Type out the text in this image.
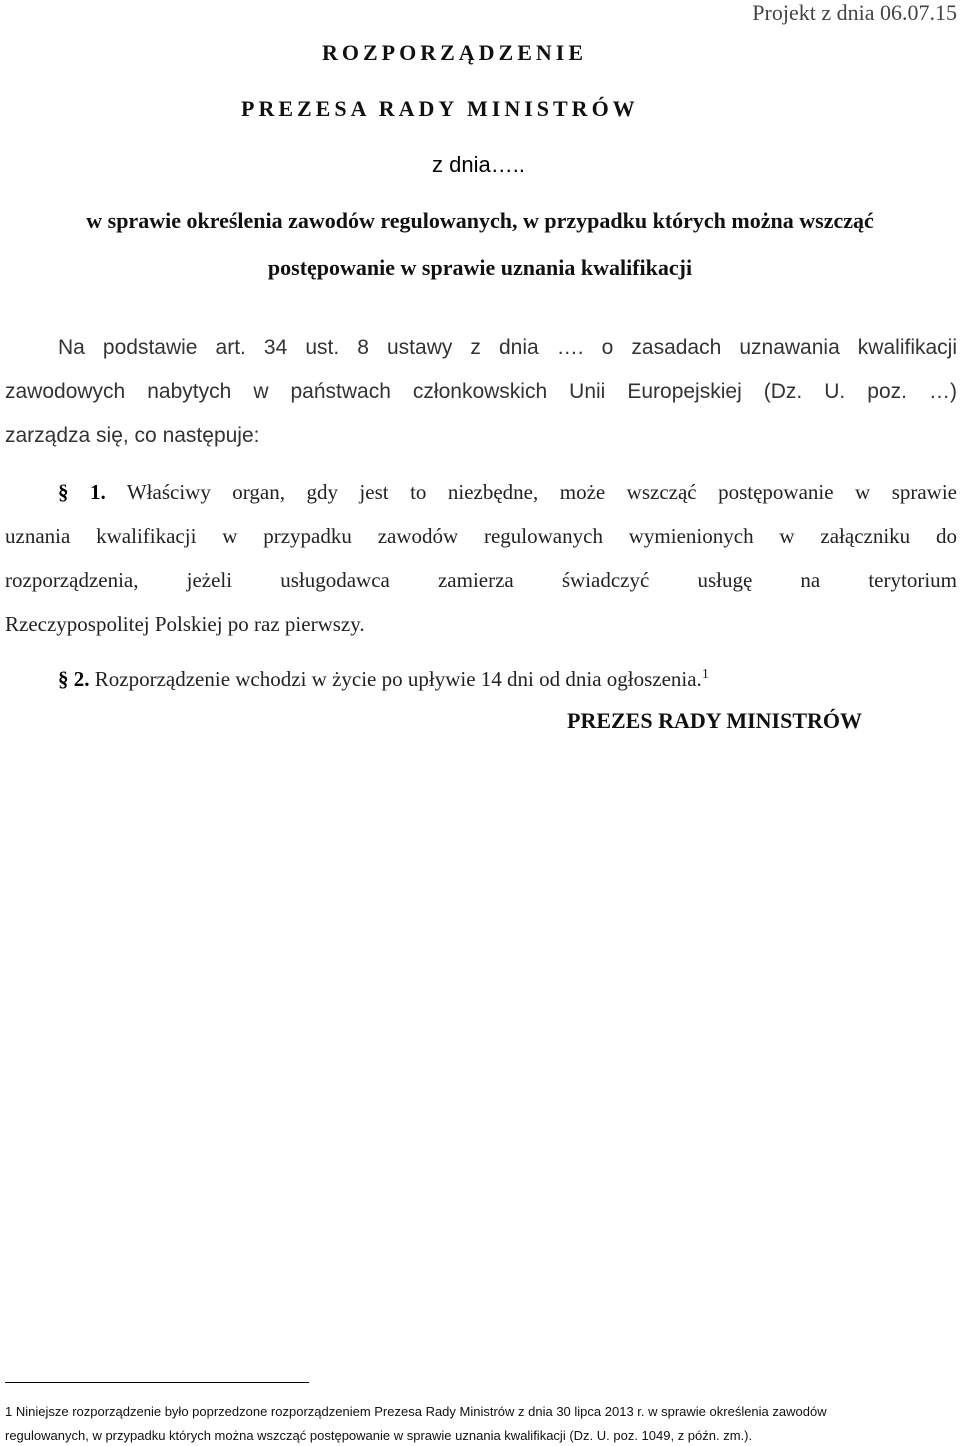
Projekt z dnia 06.07.15
ROZPORZĄDZENIE
PREZESA RADY MINISTRÓW
z dnia…..
w sprawie określenia zawodów regulowanych, w przypadku których można wszcząć
postępowanie w sprawie uznania kwalifikacji
Na podstawie art. 34 ust. 8 ustawy z dnia …. o zasadach uznawania kwalifikacji
zawodowych nabytych w państwach członkowskich Unii Europejskiej (Dz. U. poz. …)
zarządza się, co następuje:
§ 1. Właściwy organ, gdy jest to niezbędne, może wszcząć postępowanie w sprawie
uznania kwalifikacji w przypadku zawodów regulowanych wymienionych w załączniku do
rozporządzenia, jeżeli usługodawca zamierza świadczyć usługę na terytorium
Rzeczypospolitej Polskiej po raz pierwszy.
§ 2. Rozporządzenie wchodzi w życie po upływie 14 dni od dnia ogłoszenia.$^1$
PREZES RADY MINISTRÓW
1 Niniejsze rozporządzenie było poprzedzone rozporządzeniem Prezesa Rady Ministrów z dnia 30 lipca 2013 r. w sprawie określenia zawodów
regulowanych, w przypadku których można wszcząć postępowanie w sprawie uznania kwalifikacji (Dz. U. poz. 1049, z późn. zm.).
